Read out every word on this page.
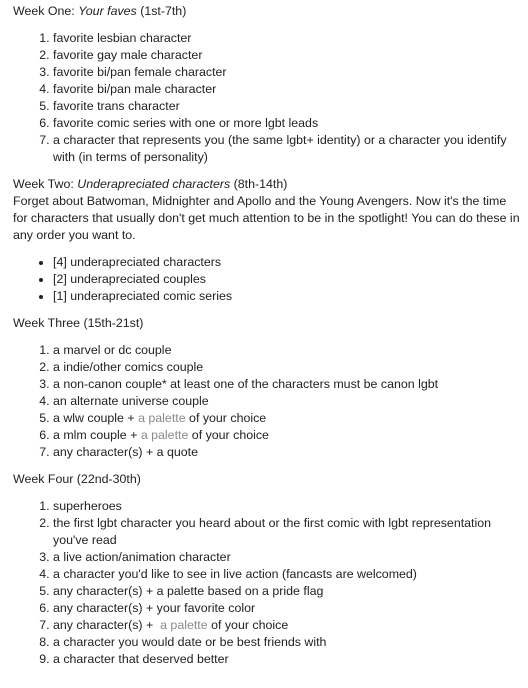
Week One: Your faves (1st-7th)

1. favorite lesbian character
2. favorite gay male character
3. favorite bi/pan female character
4. favorite bi/pan male character
5. favorite trans character
6. favorite comic series with one or more lgbt leads
7. a character that represents you (the same lgbt+ identity) or a character you identify with (in terms of personality)

Week Two: Underapreciated characters (8th-14th)

Forget about Batwoman, Midnighter and Apollo and the Young Avengers. Now it's the time for characters that usually don't get much attention to be in the spotlight! You can do these in any order you want to.

• [4] underapreciated characters
• [2] underapreciated couples
• [1] underapreciated comic series

Week Three (15th-21st)

1. a marvel or dc couple
2. a indie/other comics couple
3. a non-canon couple* at least one of the characters must be canon lgbt
4. an alternate universe couple
5. a wlw couple + a palette of your choice
6. a mlm couple + a palette of your choice
7. any character(s) + a quote

Week Four (22nd-30th)

1. superheroes
2. the first lgbt character you heard about or the first comic with lgbt representation you've read
3. a live action/animation character
4. a character you'd like to see in live action (fancasts are welcomed)
5. any character(s) + a palette based on a pride flag
6. any character(s) + your favorite color
7. any character(s) +  a palette of your choice
8. a character you would date or be best friends with
9. a character that deserved better
